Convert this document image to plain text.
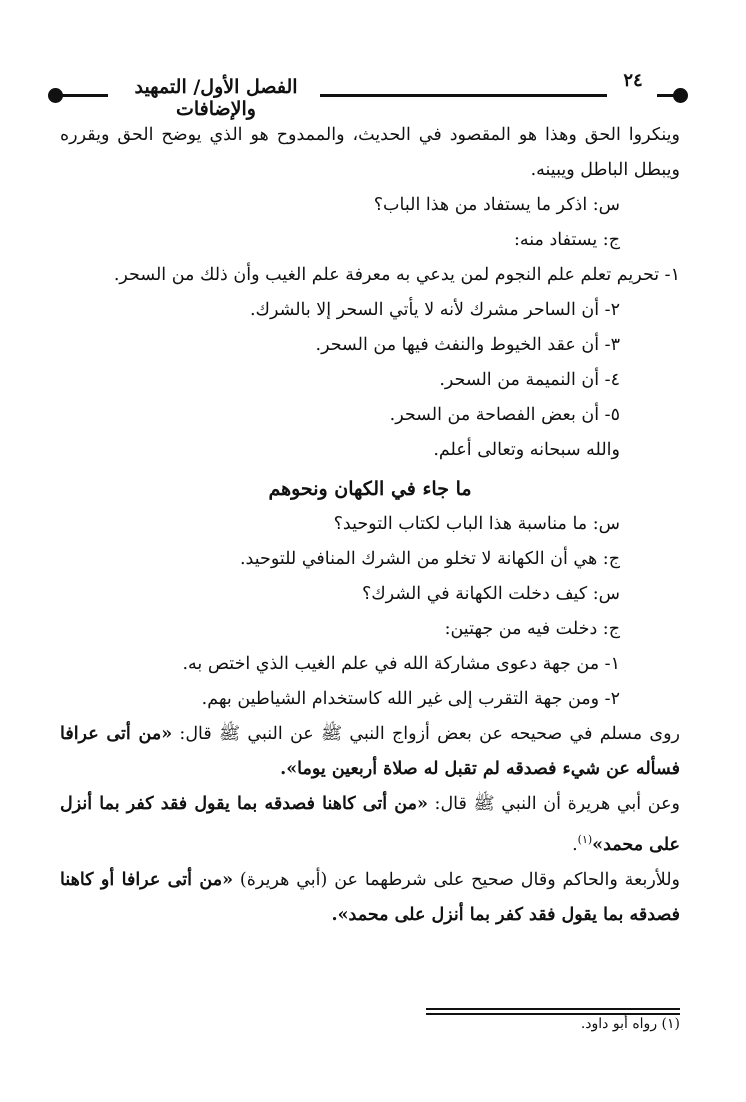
الفصل الأول/ التمهيد والإضافات
٢٤

وينكروا الحق وهذا هو المقصود في الحديث، والممدوح هو الذي يوضح الحق ويقرره ويبطل الباطل ويبينه.

س: اذكر ما يستفاد من هذا الباب؟

ج: يستفاد منه:

١- تحريم تعلم علم النجوم لمن يدعي به معرفة علم الغيب وأن ذلك من السحر.

٢- أن الساحر مشرك لأنه لا يأتي السحر إلا بالشرك.

٣- أن عقد الخيوط والنفث فيها من السحر.

٤- أن النميمة من السحر.

٥- أن بعض الفصاحة من السحر.

والله سبحانه وتعالى أعلم.

ما جاء في الكهان ونحوهم

س: ما مناسبة هذا الباب لكتاب التوحيد؟

ج: هي أن الكهانة لا تخلو من الشرك المنافي للتوحيد.

س: كيف دخلت الكهانة في الشرك؟

ج: دخلت فيه من جهتين:

١- من جهة دعوى مشاركة الله في علم الغيب الذي اختص به.

٢- ومن جهة التقرب إلى غير الله كاستخدام الشياطين بهم.

روى مسلم في صحيحه عن بعض أزواج النبي ﷺ عن النبي ﷺ قال: «من أتى عرافا فسأله عن شيء فصدقه لم تقبل له صلاة أربعين يوما».

وعن أبي هريرة أن النبي ﷺ قال: «من أتى كاهنا فصدقه بما يقول فقد كفر بما أنزل على محمد»$^{(١)}$.

وللأربعة والحاكم وقال صحيح على شرطهما عن (أبي هريرة) «من أتى عرافا أو كاهنا فصدقه بما يقول فقد كفر بما أنزل على محمد».

(١) رواه أبو داود.
